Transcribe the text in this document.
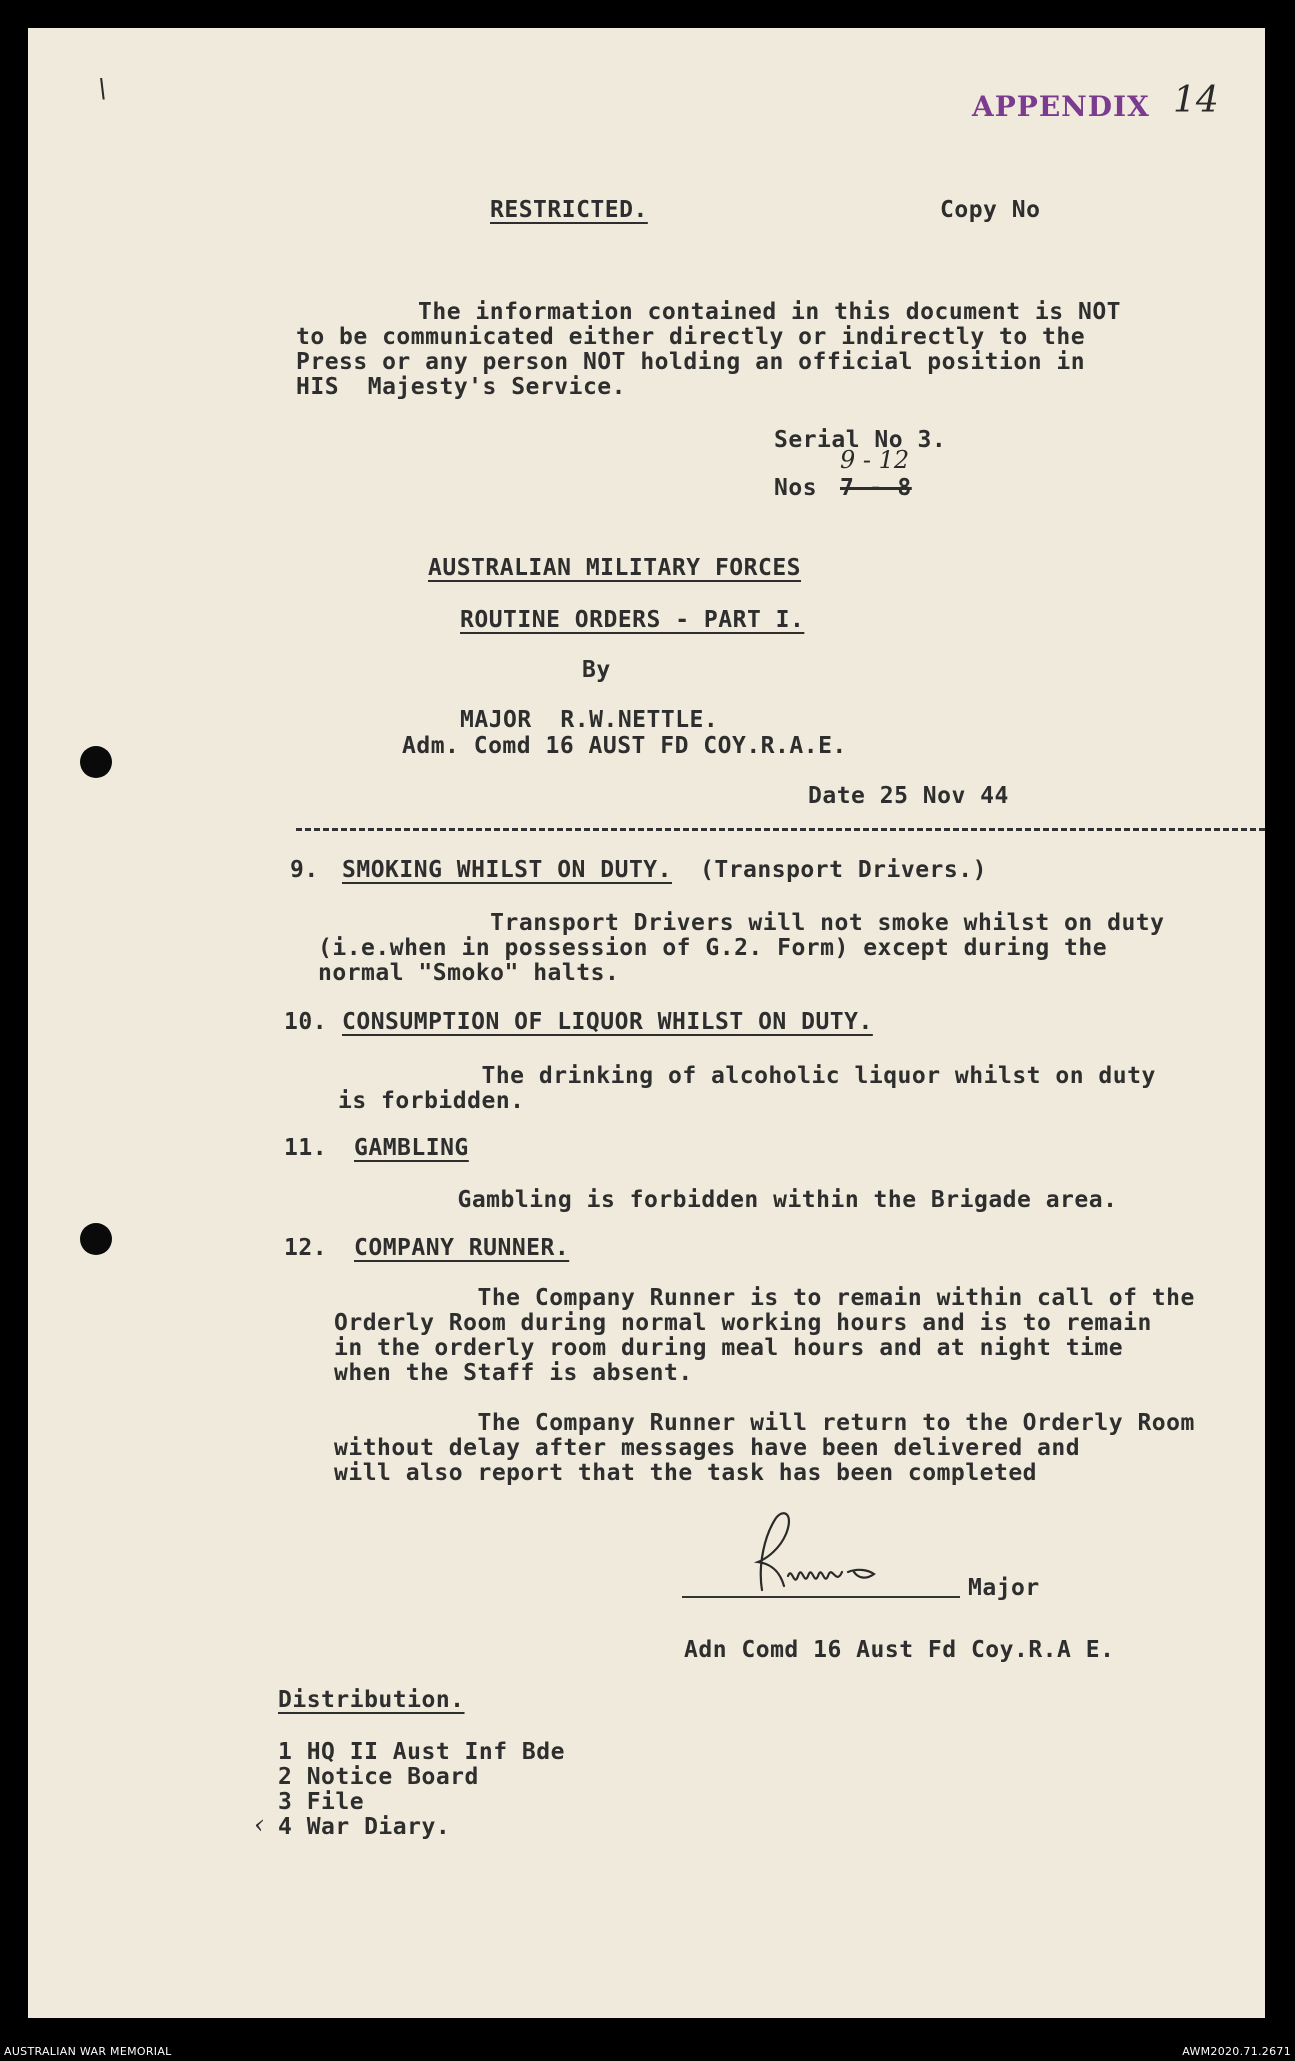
\
APPENDIX 14
RESTRICTED.	Copy No
The information contained in this document is NOT
to be communicated either directly or indirectly to the
Press or any person NOT holding an official position in
HIS  Majesty's Service.
Serial No 3.
9 - 12
Nos 7 - 8
AUSTRALIAN MILITARY FORCES
ROUTINE ORDERS - PART I.
By
MAJOR  R.W.NETTLE.
Adm. Comd 16 AUST FD COY.R.A.E.
Date 25 Nov 44
9. SMOKING WHILST ON DUTY. (Transport Drivers.)
Transport Drivers will not smoke whilst on duty
(i.e.when in possession of G.2. Form) except during the
normal "Smoko" halts.
10. CONSUMPTION OF LIQUOR WHILST ON DUTY.
The drinking of alcoholic liquor whilst on duty
is forbidden.
11. GAMBLING
Gambling is forbidden within the Brigade area.
12. COMPANY RUNNER.
The Company Runner is to remain within call of the
Orderly Room during normal working hours and is to remain
in the orderly room during meal hours and at night time
when the Staff is absent.
The Company Runner will return to the Orderly Room
without delay after messages have been delivered and
will also report that the task has been completed
Major
Adn Comd 16 Aust Fd Coy.R.A E.
Distribution.
1 HQ II Aust Inf Bde
2 Notice Board
3 File
4 War Diary.
‹
AUSTRALIAN WAR MEMORIAL	AWM2020.71.2671
